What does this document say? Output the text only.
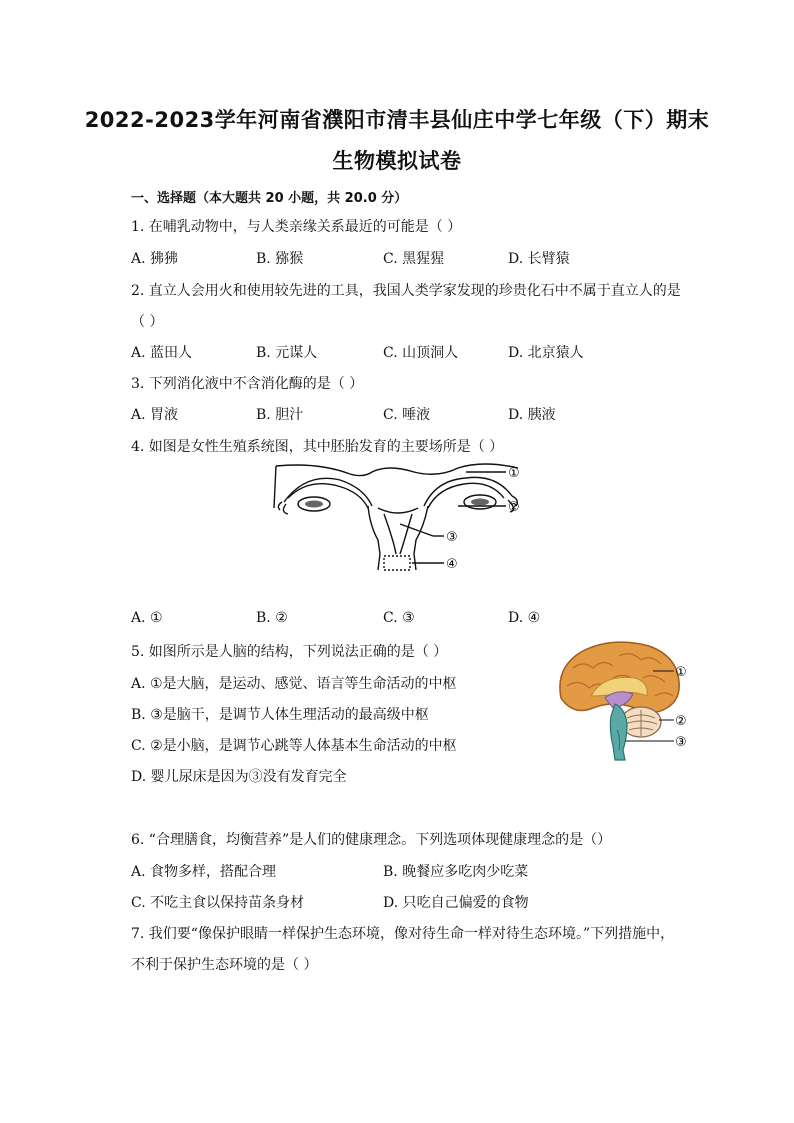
2022-2023学年河南省濮阳市清丰县仙庄中学七年级（下）期末
生物模拟试卷
一、选择题（本大题共 20 小题，共 20.0 分）
1. 在哺乳动物中，与人类亲缘关系最近的可能是（ ）
A. 狒狒	B. 猕猴	C. 黑猩猩	D. 长臂猿
2. 直立人会用火和使用较先进的工具，我国人类学家发现的珍贵化石中不属于直立人的是
（ ）
A. 蓝田人	B. 元谋人	C. 山顶洞人	D. 北京猿人
3. 下列消化液中不含消化酶的是（ ）
A. 胃液	B. 胆汁	C. 唾液	D. 胰液
4. 如图是女性生殖系统图，其中胚胎发育的主要场所是（ ）
①
②
③
④
A. ①	B. ②	C. ③	D. ④
5. 如图所示是人脑的结构，下列说法正确的是（ ）
A. ①是大脑，是运动、感觉、语言等生命活动的中枢
B. ③是脑干，是调节人体生理活动的最高级中枢
C. ②是小脑，是调节心跳等人体基本生命活动的中枢
D. 婴儿尿床是因为③没有发育完全
①
②
③
6. “合理膳食，均衡营养”是人们的健康理念。下列选项体现健康理念的是（）
A. 食物多样，搭配合理	B. 晚餐应多吃肉少吃菜
C. 不吃主食以保持苗条身材	D. 只吃自己偏爱的食物
7. 我们要“像保护眼睛一样保护生态环境，像对待生命一样对待生态环境。”下列措施中，
不利于保护生态环境的是（ ）
